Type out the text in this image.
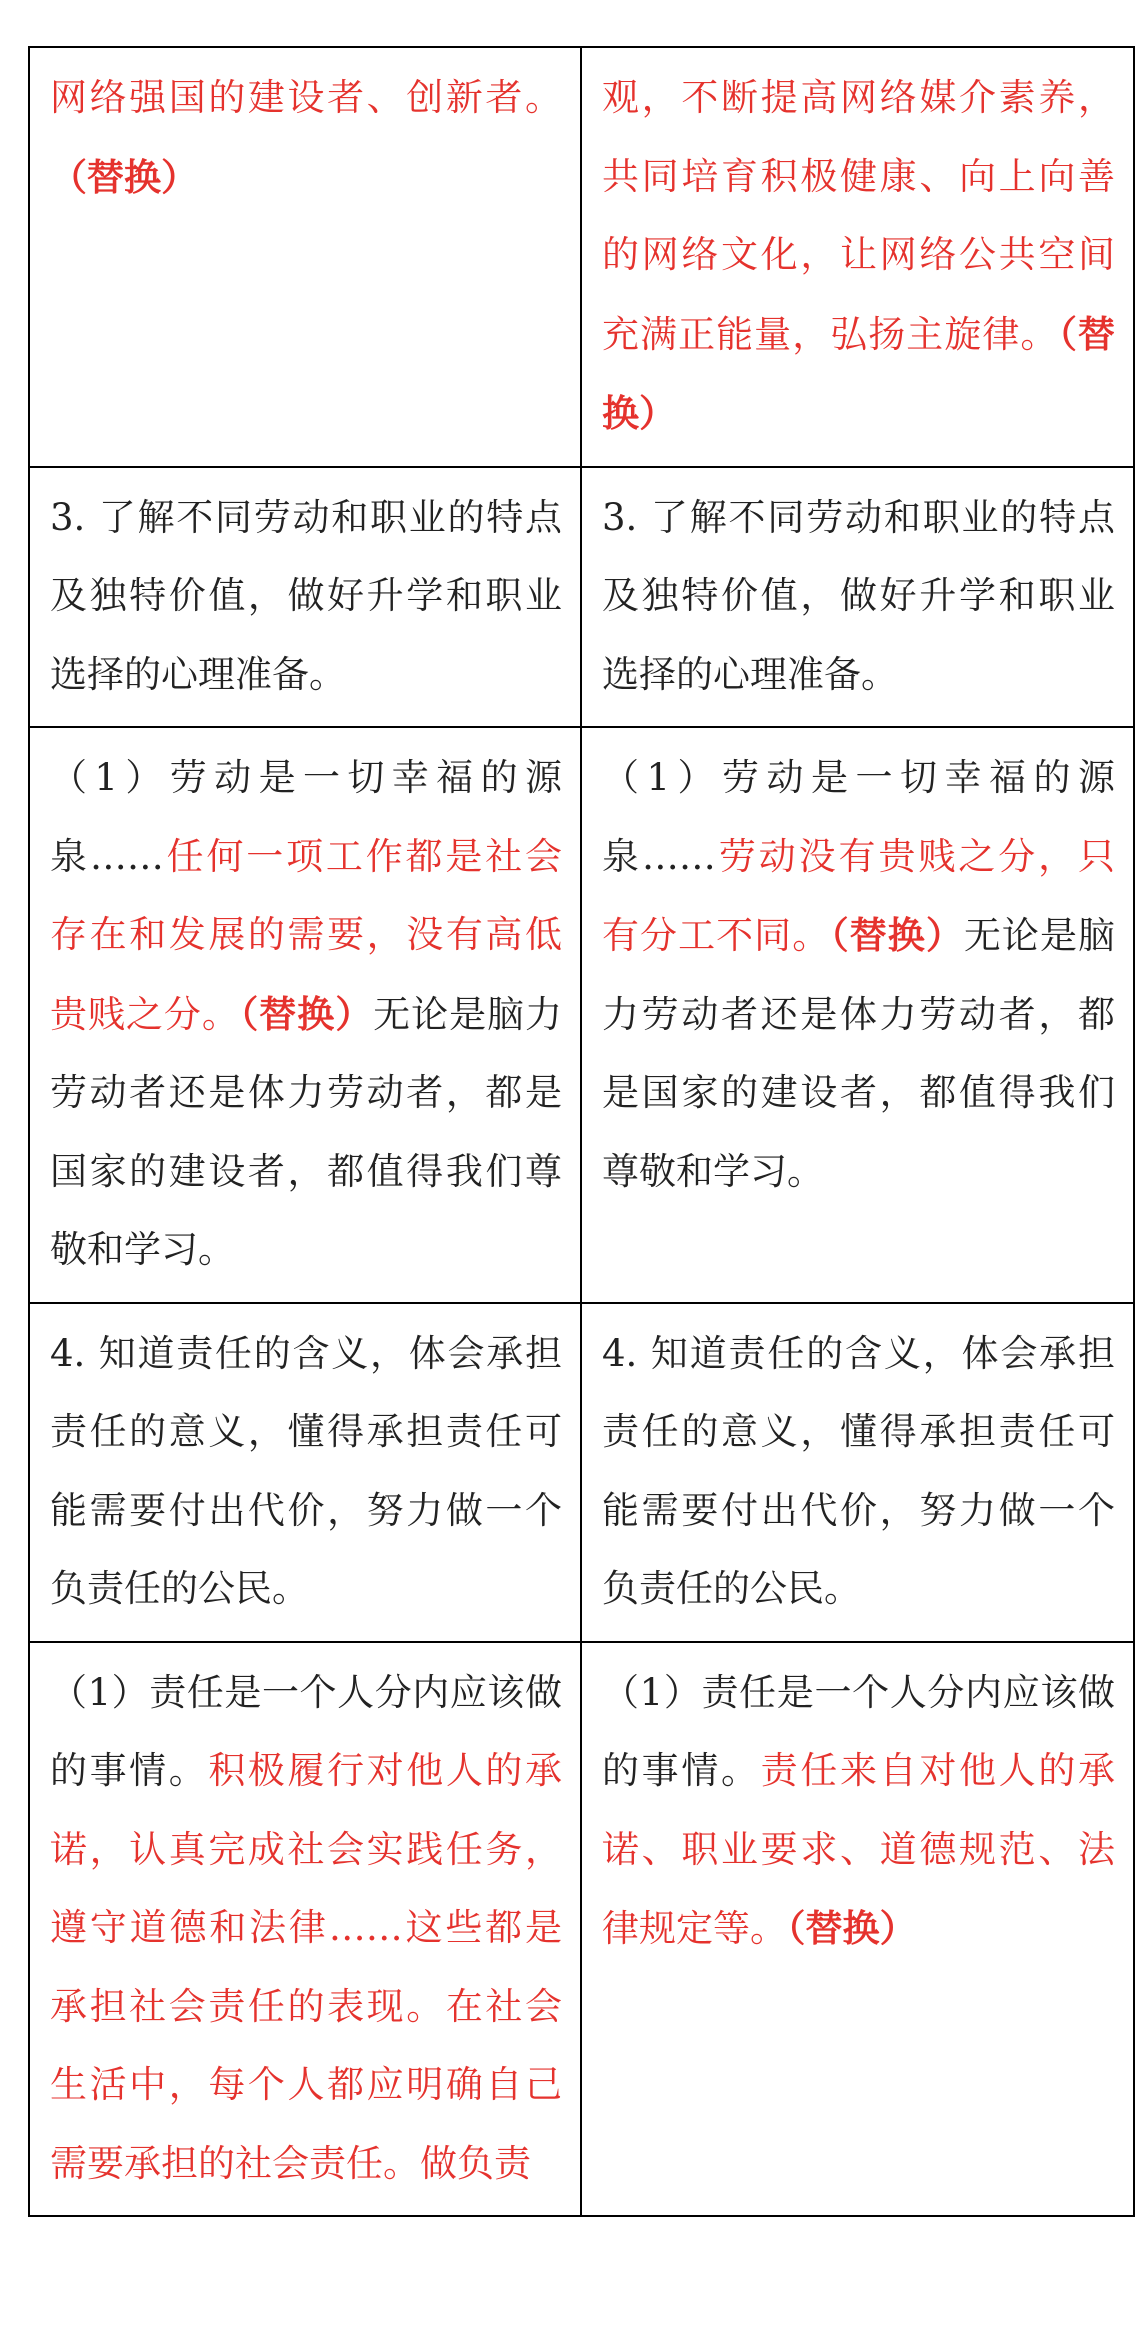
网络强国的建设者、创新者。（替换）	观，不断提高网络媒介素养，共同培育积极健康、向上向善的网络文化，让网络公共空间充满正能量，弘扬主旋律。（替换）
3. 了解不同劳动和职业的特点及独特价值，做好升学和职业选择的心理准备。	3. 了解不同劳动和职业的特点及独特价值，做好升学和职业选择的心理准备。
（1）劳动是一切幸福的源泉……任何一项工作都是社会存在和发展的需要，没有高低贵贱之分。（替换）无论是脑力劳动者还是体力劳动者，都是国家的建设者，都值得我们尊敬和学习。	（1）劳动是一切幸福的源泉……劳动没有贵贱之分，只有分工不同。（替换）无论是脑力劳动者还是体力劳动者，都是国家的建设者，都值得我们尊敬和学习。
4. 知道责任的含义，体会承担责任的意义，懂得承担责任可能需要付出代价，努力做一个负责任的公民。	4. 知道责任的含义，体会承担责任的意义，懂得承担责任可能需要付出代价，努力做一个负责任的公民。
（1）责任是一个人分内应该做的事情。积极履行对他人的承诺，认真完成社会实践任务，遵守道德和法律……这些都是承担社会责任的表现。在社会生活中，每个人都应明确自己需要承担的社会责任。做负责	（1）责任是一个人分内应该做的事情。责任来自对他人的承诺、职业要求、道德规范、法律规定等。（替换）
